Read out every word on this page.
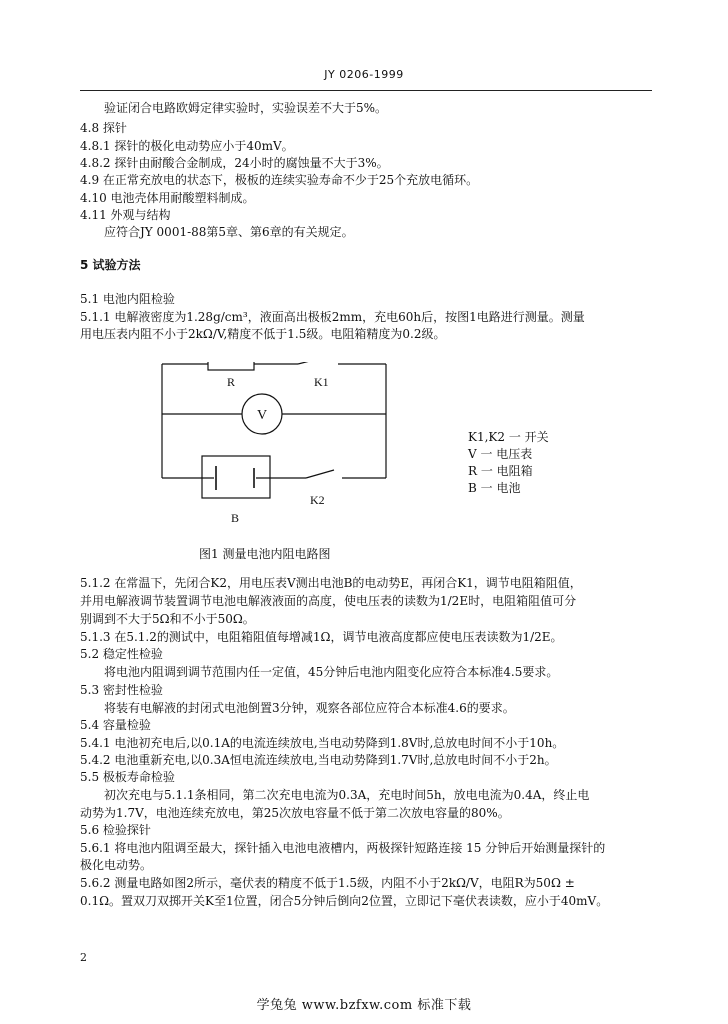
JY 0206-1999
验证闭合电路欧姆定律实验时，实验误差不大于5%。
4.8 探针
4.8.1 探针的极化电动势应小于40mV。
4.8.2 探针由耐酸合金制成，24小时的腐蚀量不大于3%。
4.9 在正常充放电的状态下，极板的连续实验寿命不少于25个充放电循环。
4.10 电池壳体用耐酸塑料制成。
4.11 外观与结构
应符合JY 0001-88第5章、第6章的有关规定。
5 试验方法
5.1 电池内阻检验
5.1.1 电解液密度为1.28g/cm³，液面高出极板2mm，充电60h后，按图1电路进行测量。测量
用电压表内阻不小于2kΩ/V,精度不低于1.5级。电阻箱精度为0.2级。
R	K1
V
K2
B
K1,K2 一 开关
V 一 电压表
R 一 电阻箱
B 一 电池
图1 测量电池内阻电路图
5.1.2 在常温下，先闭合K2，用电压表V测出电池B的电动势E，再闭合K1，调节电阻箱阻值，
并用电解液调节装置调节电池电解液液面的高度，使电压表的读数为1/2E时，电阻箱阻值可分
别调到不大于5Ω和不小于50Ω。
5.1.3 在5.1.2的测试中，电阻箱阻值每增减1Ω，调节电液高度都应使电压表读数为1/2E。
5.2 稳定性检验
将电池内阻调到调节范围内任一定值，45分钟后电池内阻变化应符合本标准4.5要求。
5.3 密封性检验
将装有电解液的封闭式电池倒置3分钟，观察各部位应符合本标准4.6的要求。
5.4 容量检验
5.4.1 电池初充电后,以0.1A的电流连续放电,当电动势降到1.8V时,总放电时间不小于10h。
5.4.2 电池重新充电,以0.3A恒电流连续放电,当电动势降到1.7V时,总放电时间不小于2h。
5.5 极板寿命检验
初次充电与5.1.1条相同，第二次充电电流为0.3A，充电时间5h，放电电流为0.4A，终止电
动势为1.7V，电池连续充放电，第25次放电容量不低于第二次放电容量的80%。
5.6 检验探针
5.6.1 将电池内阻调至最大，探针插入电池电液槽内，两极探针短路连接 15 分钟后开始测量探针的
极化电动势。
5.6.2 测量电路如图2所示，毫伏表的精度不低于1.5级，内阻不小于2kΩ/V，电阻R为50Ω ±
0.1Ω。置双刀双掷开关K至1位置，闭合5分钟后倒向2位置，立即记下毫伏表读数，应小于40mV。
2
学兔兔 www.bzfxw.com 标准下载
